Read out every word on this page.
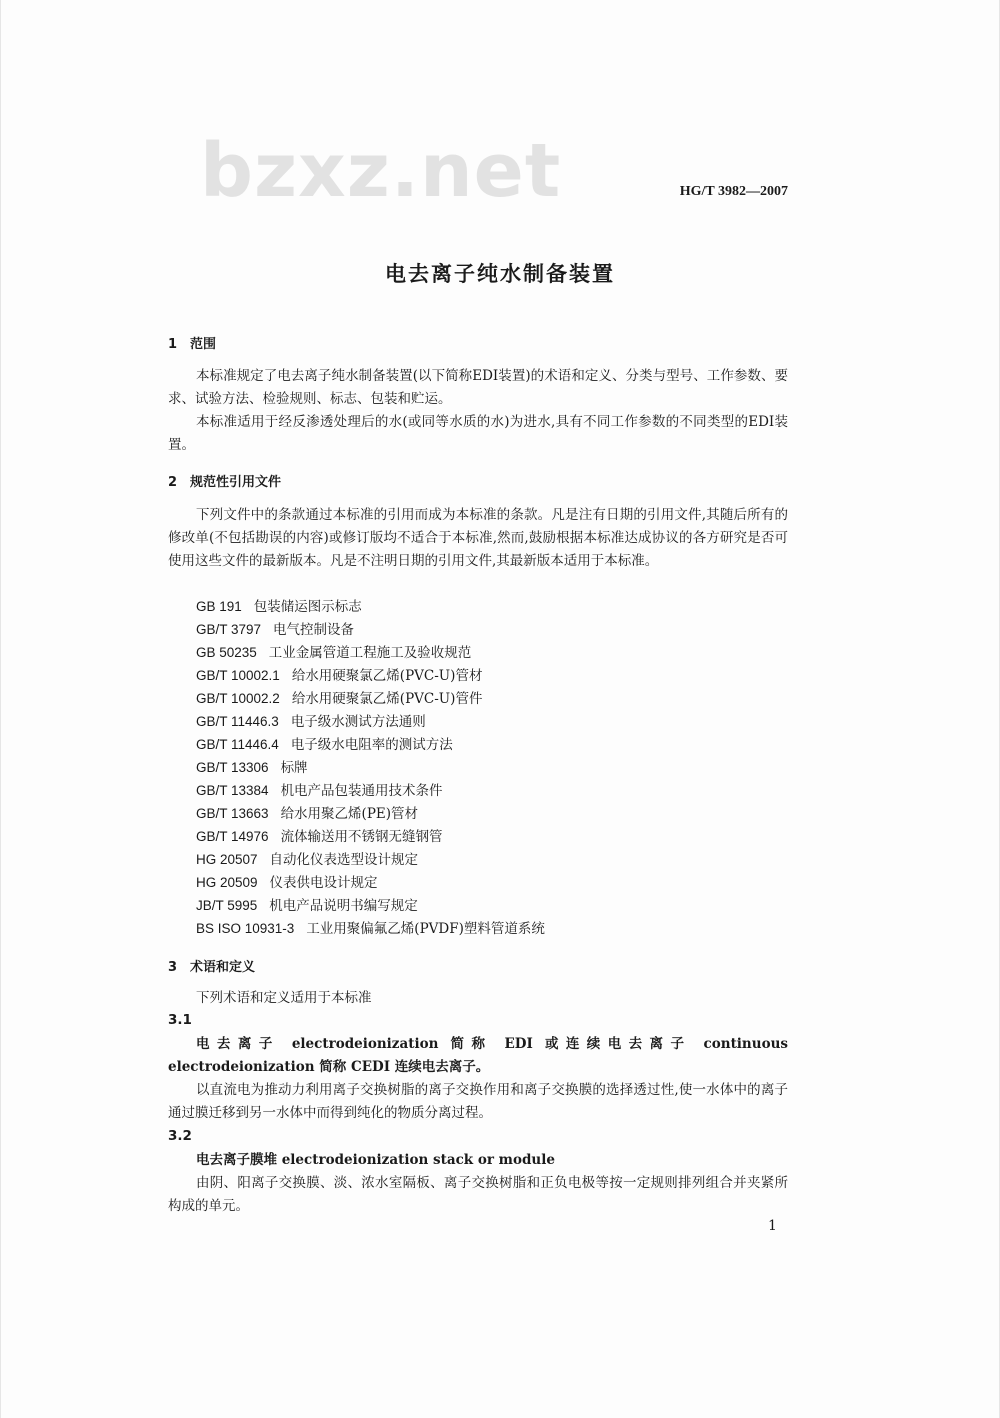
bzxz.net	HG/T 3982—2007
电去离子纯水制备装置
1 范围

本标准规定了电去离子纯水制备装置(以下简称EDI装置)的术语和定义、分类与型号、工作参数、要求、试验方法、检验规则、标志、包装和贮运。

本标准适用于经反渗透处理后的水(或同等水质的水)为进水,具有不同工作参数的不同类型的EDI装置。

2 规范性引用文件

下列文件中的条款通过本标准的引用而成为本标准的条款。凡是注有日期的引用文件,其随后所有的修改单(不包括勘误的内容)或修订版均不适合于本标准,然而,鼓励根据本标准达成协议的各方研究是否可使用这些文件的最新版本。凡是不注明日期的引用文件,其最新版本适用于本标准。

GB 191 包装储运图示标志
GB/T 3797 电气控制设备
GB 50235 工业金属管道工程施工及验收规范
GB/T 10002.1 给水用硬聚氯乙烯(PVC-U)管材
GB/T 10002.2 给水用硬聚氯乙烯(PVC-U)管件
GB/T 11446.3 电子级水测试方法通则
GB/T 11446.4 电子级水电阻率的测试方法
GB/T 13306 标牌
GB/T 13384 机电产品包装通用技术条件
GB/T 13663 给水用聚乙烯(PE)管材
GB/T 14976 流体输送用不锈钢无缝钢管
HG 20507 自动化仪表选型设计规定
HG 20509 仪表供电设计规定
JB/T 5995 机电产品说明书编写规定
BS ISO 10931-3 工业用聚偏氟乙烯(PVDF)塑料管道系统
3 术语和定义

下列术语和定义适用于本标准

3.1
电去离子 electrodeionization 简称 EDI 或连续电去离子 continuous electrodeionization 简称 CEDI 连续电去离子。

以直流电为推动力利用离子交换树脂的离子交换作用和离子交换膜的选择透过性,使一水体中的离子通过膜迁移到另一水体中而得到纯化的物质分离过程。

3.2
电去离子膜堆 electrodeionization stack or module

由阴、阳离子交换膜、淡、浓水室隔板、离子交换树脂和正负电极等按一定规则排列组合并夹紧所构成的单元。

1
